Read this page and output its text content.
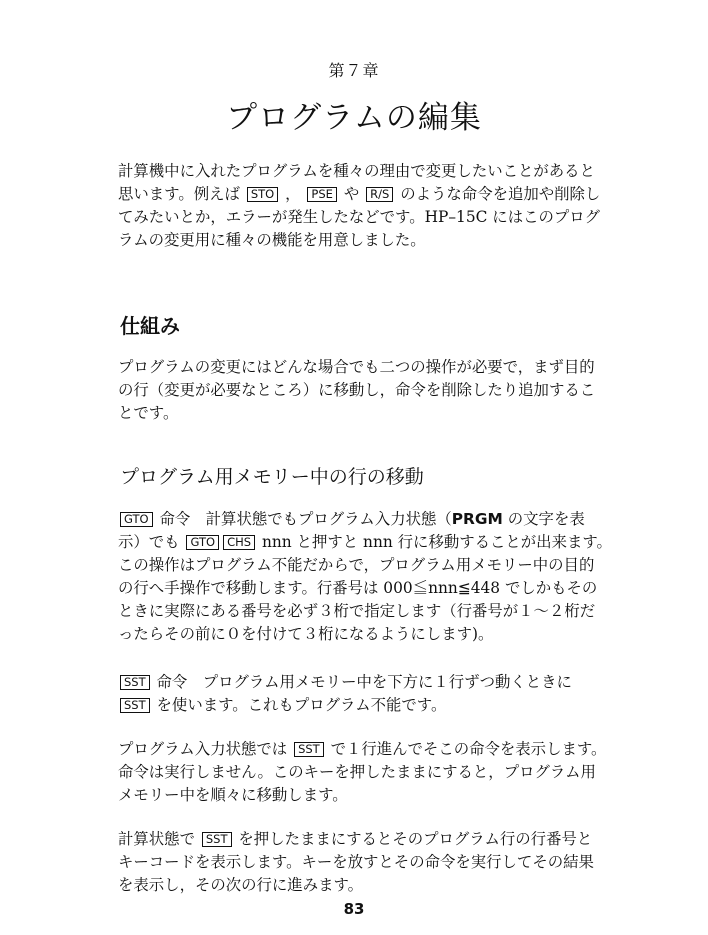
第７章
プログラムの編集
計算機中に入れたプログラムを種々の理由で変更したいことがあると
思います。例えば STO ， PSE や R/S のような命令を追加や削除し
てみたいとか，エラーが発生したなどです。HP–15C にはこのプログ
ラムの変更用に種々の機能を用意しました。
仕組み
プログラムの変更にはどんな場合でも二つの操作が必要で，まず目的
の行（変更が必要なところ）に移動し，命令を削除したり追加するこ
とです。
プログラム用メモリー中の行の移動
GTO 命令　計算状態でもプログラム入力状態（PRGM の文字を表
示）でも GTO CHS nnn と押すと nnn 行に移動することが出来ます。
この操作はプログラム不能だからで，プログラム用メモリー中の目的
の行へ手操作で移動します。行番号は 000≦nnn≦448 でしかもその
ときに実際にある番号を必ず３桁で指定します（行番号が１～２桁だ
ったらその前に０を付けて３桁になるようにします)。
SST 命令　プログラム用メモリー中を下方に１行ずつ動くときに
SST を使います。これもプログラム不能です。
プログラム入力状態では SST で１行進んでそこの命令を表示します。
命令は実行しません。このキーを押したままにすると，プログラム用
メモリー中を順々に移動します。
計算状態で SST を押したままにするとそのプログラム行の行番号と
キーコードを表示します。キーを放すとその命令を実行してその結果
を表示し，その次の行に進みます。
83
